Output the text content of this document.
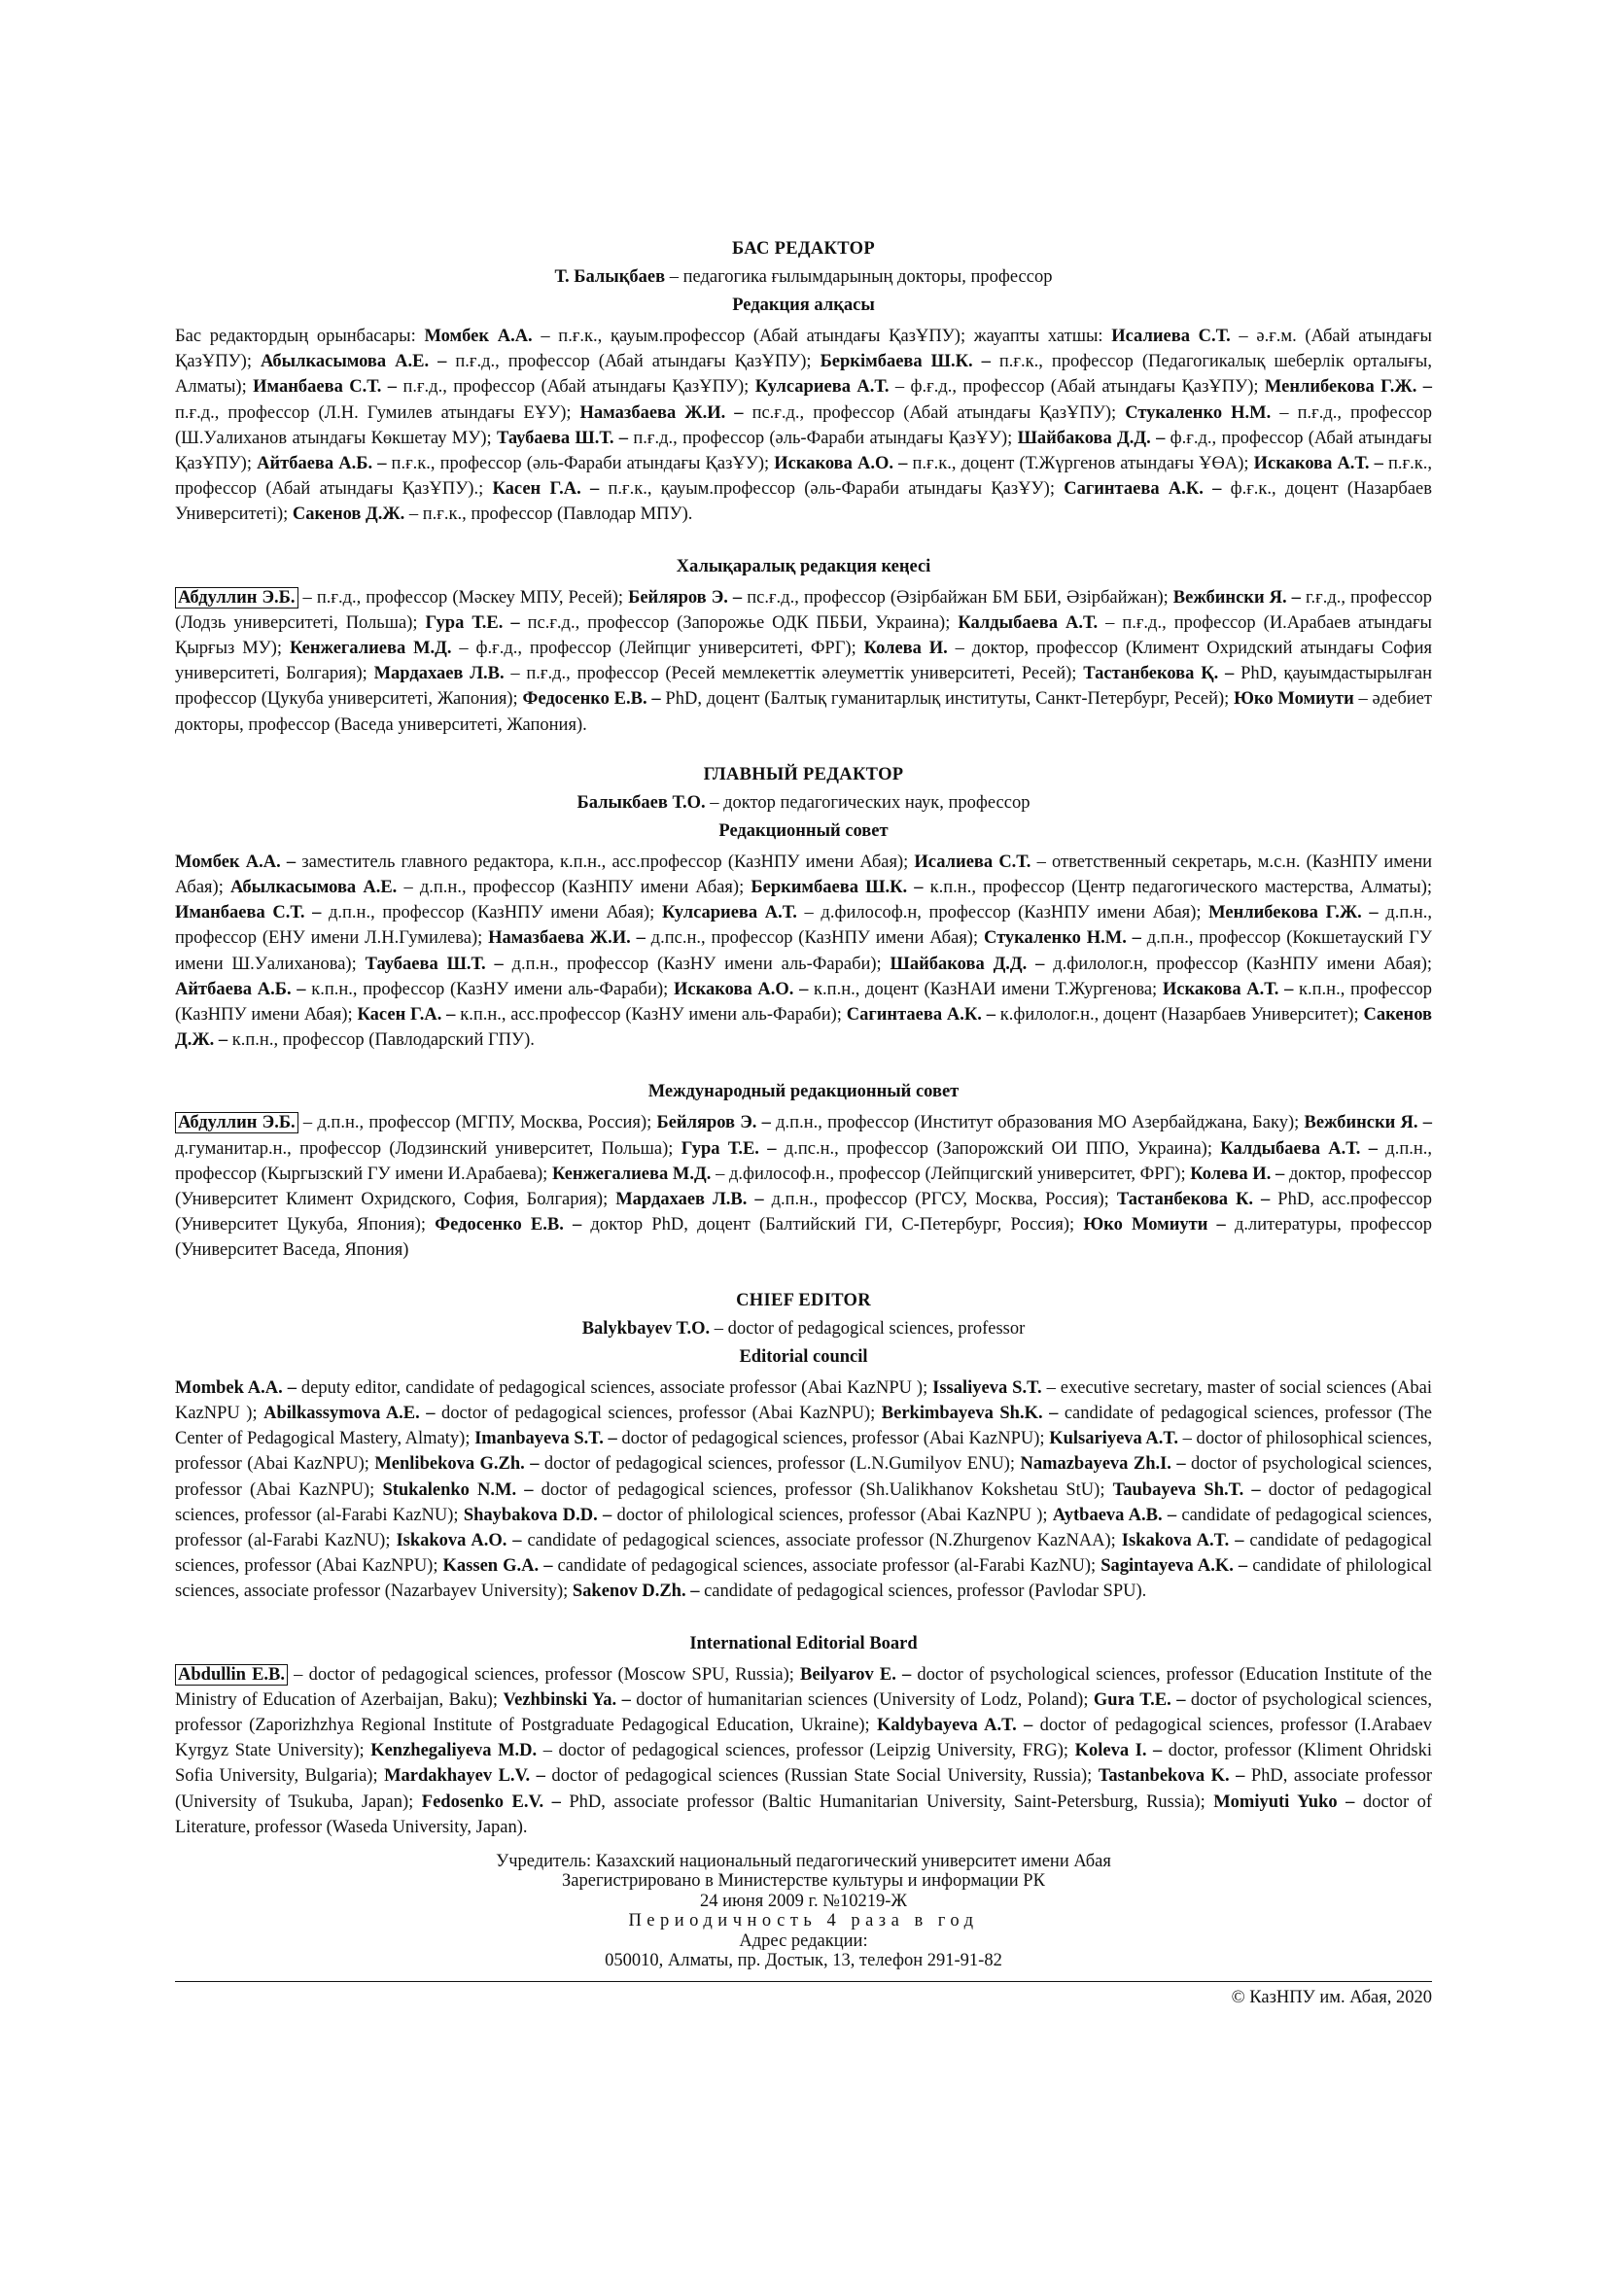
БАС РЕДАКТОР
Т. Балықбаев – педагогика ғылымдарының докторы, профессор
Редакция алқасы
Бас редактордың орынбасары: Момбек А.А. – п.ғ.к., қауым.профессор (Абай атындағы ҚазҰПУ); жауапты хатшы: Исалиева С.Т. – ә.ғ.м. (Абай атындағы ҚазҰПУ); Абылкасымова А.Е. – п.ғ.д., профессор (Абай атындағы ҚазҰПУ); Беркімбаева Ш.К. – п.ғ.к., профессор (Педагогикалық шеберлік орталығы, Алматы); Иманбаева С.Т. – п.ғ.д., профессор (Абай атындағы ҚазҰПУ); Кулсариева А.Т. – ф.ғ.д., профессор (Абай атындағы ҚазҰПУ); Менлибекова Г.Ж. – п.ғ.д., профессор (Л.Н. Гумилев атындағы ЕҰУ); Намазбаева Ж.И. – пс.ғ.д., профессор (Абай атындағы ҚазҰПУ); Стукаленко Н.М. – п.ғ.д., профессор (Ш.Уалиханов атындағы Көкшетау МУ); Таубаева Ш.Т. – п.ғ.д., профессор (әль-Фараби атындағы ҚазҰУ); Шайбакова Д.Д. – ф.ғ.д., профессор (Абай атындағы ҚазҰПУ); Айтбаева А.Б. – п.ғ.к., профессор (әль-Фараби атындағы ҚазҰУ); Искакова А.О. – п.ғ.к., доцент (Т.Жүргенов атындағы ҰӨА); Искакова А.Т. – п.ғ.к., профессор (Абай атындағы ҚазҰПУ).; Касен Г.А. – п.ғ.к., қауым.профессор (әль-Фараби атындағы ҚазҰУ); Сагинтаева А.К. – ф.ғ.к., доцент (Назарбаев Университеті); Сакенов Д.Ж. – п.ғ.к., профессор (Павлодар МПУ).
Халықаралық редакция кеңесі
Абдуллин Э.Б. – п.ғ.д., профессор (Мәскеу МПУ, Ресей); Бейляров Э. – пс.ғ.д., профессор (Әзірбайжан БМ ББИ, Әзірбайжан); Вежбински Я. – г.ғ.д., профессор (Лодзь университеті, Польша); Гура Т.Е. – пс.ғ.д., профессор (Запорожье ОДК ПББИ, Украина); Калдыбаева А.Т. – п.ғ.д., профессор (И.Арабаев атындағы Қырғыз МУ); Кенжегалиева М.Д. – ф.ғ.д., профессор (Лейпциг университеті, ФРГ); Колева И. – доктор, профессор (Климент Охридский атындағы София университеті, Болгария); Мардахаев Л.В. – п.ғ.д., профессор (Ресей мемлекеттік әлеуметтік университеті, Ресей); Тастанбекова Қ. – PhD, қауымдастырылған профессор (Цукуба университеті, Жапония); Федосенко Е.В. – PhD, доцент (Балтық гуманитарлық институты, Санкт-Петербург, Ресей); Юко Момиути – әдебиет докторы, профессор (Васеда университеті, Жапония).
ГЛАВНЫЙ РЕДАКТОР
Балыкбаев Т.О. – доктор педагогических наук, профессор
Редакционный совет
Момбек А.А. – заместитель главного редактора, к.п.н., асс.профессор (КазНПУ имени Абая); Исалиева С.Т. – ответственный секретарь, м.с.н. (КазНПУ имени Абая); Абылкасымова А.Е. – д.п.н., профессор (КазНПУ имени Абая); Беркимбаева Ш.К. – к.п.н., профессор (Центр педагогического мастерства, Алматы); Иманбаева С.Т. – д.п.н., профессор (КазНПУ имени Абая); Кулсариева А.Т. – д.философ.н, профессор (КазНПУ имени Абая); Менлибекова Г.Ж. – д.п.н., профессор (ЕНУ имени Л.Н.Гумилева); Намазбаева Ж.И. – д.пс.н., профессор (КазНПУ имени Абая); Стукаленко Н.М. – д.п.н., профессор (Кокшетауский ГУ имени Ш.Уалиханова); Таубаева Ш.Т. – д.п.н., профессор (КазНУ имени аль-Фараби); Шайбакова Д.Д. – д.филолог.н, профессор (КазНПУ имени Абая); Айтбаева А.Б. – к.п.н., профессор (КазНУ имени аль-Фараби); Искакова А.О. – к.п.н., доцент (КазНАИ имени Т.Жургенова; Искакова А.Т. – к.п.н., профессор (КазНПУ имени Абая); Касен Г.А. – к.п.н., асс.профессор (КазНУ имени аль-Фараби); Сагинтаева А.К. – к.филолог.н., доцент (Назарбаев Университет); Сакенов Д.Ж. – к.п.н., профессор (Павлодарский ГПУ).
Международный редакционный совет
Абдуллин Э.Б. – д.п.н., профессор (МГПУ, Москва, Россия); Бейляров Э. – д.п.н., профессор (Институт образования МО Азербайджана, Баку); Вежбински Я. – д.гуманитар.н., профессор (Лодзинский университет, Польша); Гура Т.Е. – д.пс.н., профессор (Запорожский ОИ ППО, Украина); Калдыбаева А.Т. – д.п.н., профессор (Кыргызский ГУ имени И.Арабаева); Кенжегалиева М.Д. – д.философ.н., профессор (Лейпцигский университет, ФРГ); Колева И. – доктор, профессор (Университет Климент Охридского, София, Болгария); Мардахаев Л.В. – д.п.н., профессор (РГСУ, Москва, Россия); Тастанбекова К. – PhD, асс.профессор (Университет Цукуба, Япония); Федосенко Е.В. – доктор PhD, доцент (Балтийский ГИ, С-Петербург, Россия); Юко Момиути – д.литературы, профессор (Университет Васеда, Япония)
CHIEF EDITOR
Balykbayev T.O. – doctor of pedagogical sciences, professor
Editorial council
Mombek A.A. – deputy editor, candidate of pedagogical sciences, associate professor (Abai KazNPU ); Issaliyeva S.T. – executive secretary, master of social sciences (Abai KazNPU ); Abilkassymova A.E. – doctor of pedagogical sciences, professor (Abai KazNPU); Berkimbayeva Sh.K. – candidate of pedagogical sciences, professor (The Center of Pedagogical Mastery, Almaty); Imanbayeva S.T. – doctor of pedagogical sciences, professor (Abai KazNPU); Kulsariyeva A.T. – doctor of philosophical sciences, professor (Abai KazNPU); Menlibekova G.Zh. – doctor of pedagogical sciences, professor (L.N.Gumilyov ENU); Namazbayeva Zh.I. – doctor of psychological sciences, professor (Abai KazNPU); Stukalenko N.M. – doctor of pedagogical sciences, professor (Sh.Ualikhanov Kokshetau StU); Taubayeva Sh.T. – doctor of pedagogical sciences, professor (al-Farabi KazNU); Shaybakova D.D. – doctor of philological sciences, professor (Abai KazNPU ); Aytbaeva A.B. – candidate of pedagogical sciences, professor (al-Farabi KazNU); Iskakova A.O. – candidate of pedagogical sciences, associate professor (N.Zhurgenov KazNAA); Iskakova A.T. – candidate of pedagogical sciences, professor (Abai KazNPU); Kassen G.A. – candidate of pedagogical sciences, associate professor (al-Farabi KazNU); Sagintayeva A.K. – candidate of philological sciences, associate professor (Nazarbayev University); Sakenov D.Zh. – candidate of pedagogical sciences, professor (Pavlodar SPU).
International Editorial Board
Abdullin E.B. – doctor of pedagogical sciences, professor (Moscow SPU, Russia); Beilyarov E. – doctor of psychological sciences, professor (Education Institute of the Ministry of Education of Azerbaijan, Baku); Vezhbinski Ya. – doctor of humanitarian sciences (University of Lodz, Poland); Gura T.E. – doctor of psychological sciences, professor (Zaporizhzhya Regional Institute of Postgraduate Pedagogical Education, Ukraine); Kaldybayeva A.T. – doctor of pedagogical sciences, professor (I.Arabaev Kyrgyz State University); Kenzhegaliyeva M.D. – doctor of pedagogical sciences, professor (Leipzig University, FRG); Koleva I. – doctor, professor (Kliment Ohridski Sofia University, Bulgaria); Mardakhayev L.V. – doctor of pedagogical sciences (Russian State Social University, Russia); Tastanbekova K. – PhD, associate professor (University of Tsukuba, Japan); Fedosenko E.V. – PhD, associate professor (Baltic Humanitarian University, Saint-Petersburg, Russia); Momiyuti Yuko – doctor of Literature, professor (Waseda University, Japan).
Учредитель: Казахский национальный педагогический университет имени Абая
Зарегистрировано в Министерстве культуры и информации РК
24 июня 2009 г. №10219-Ж
Периодичность 4 раза в год
Адрес редакции:
050010, Алматы, пр. Достык, 13, телефон 291-91-82
© КазНПУ им. Абая, 2020
